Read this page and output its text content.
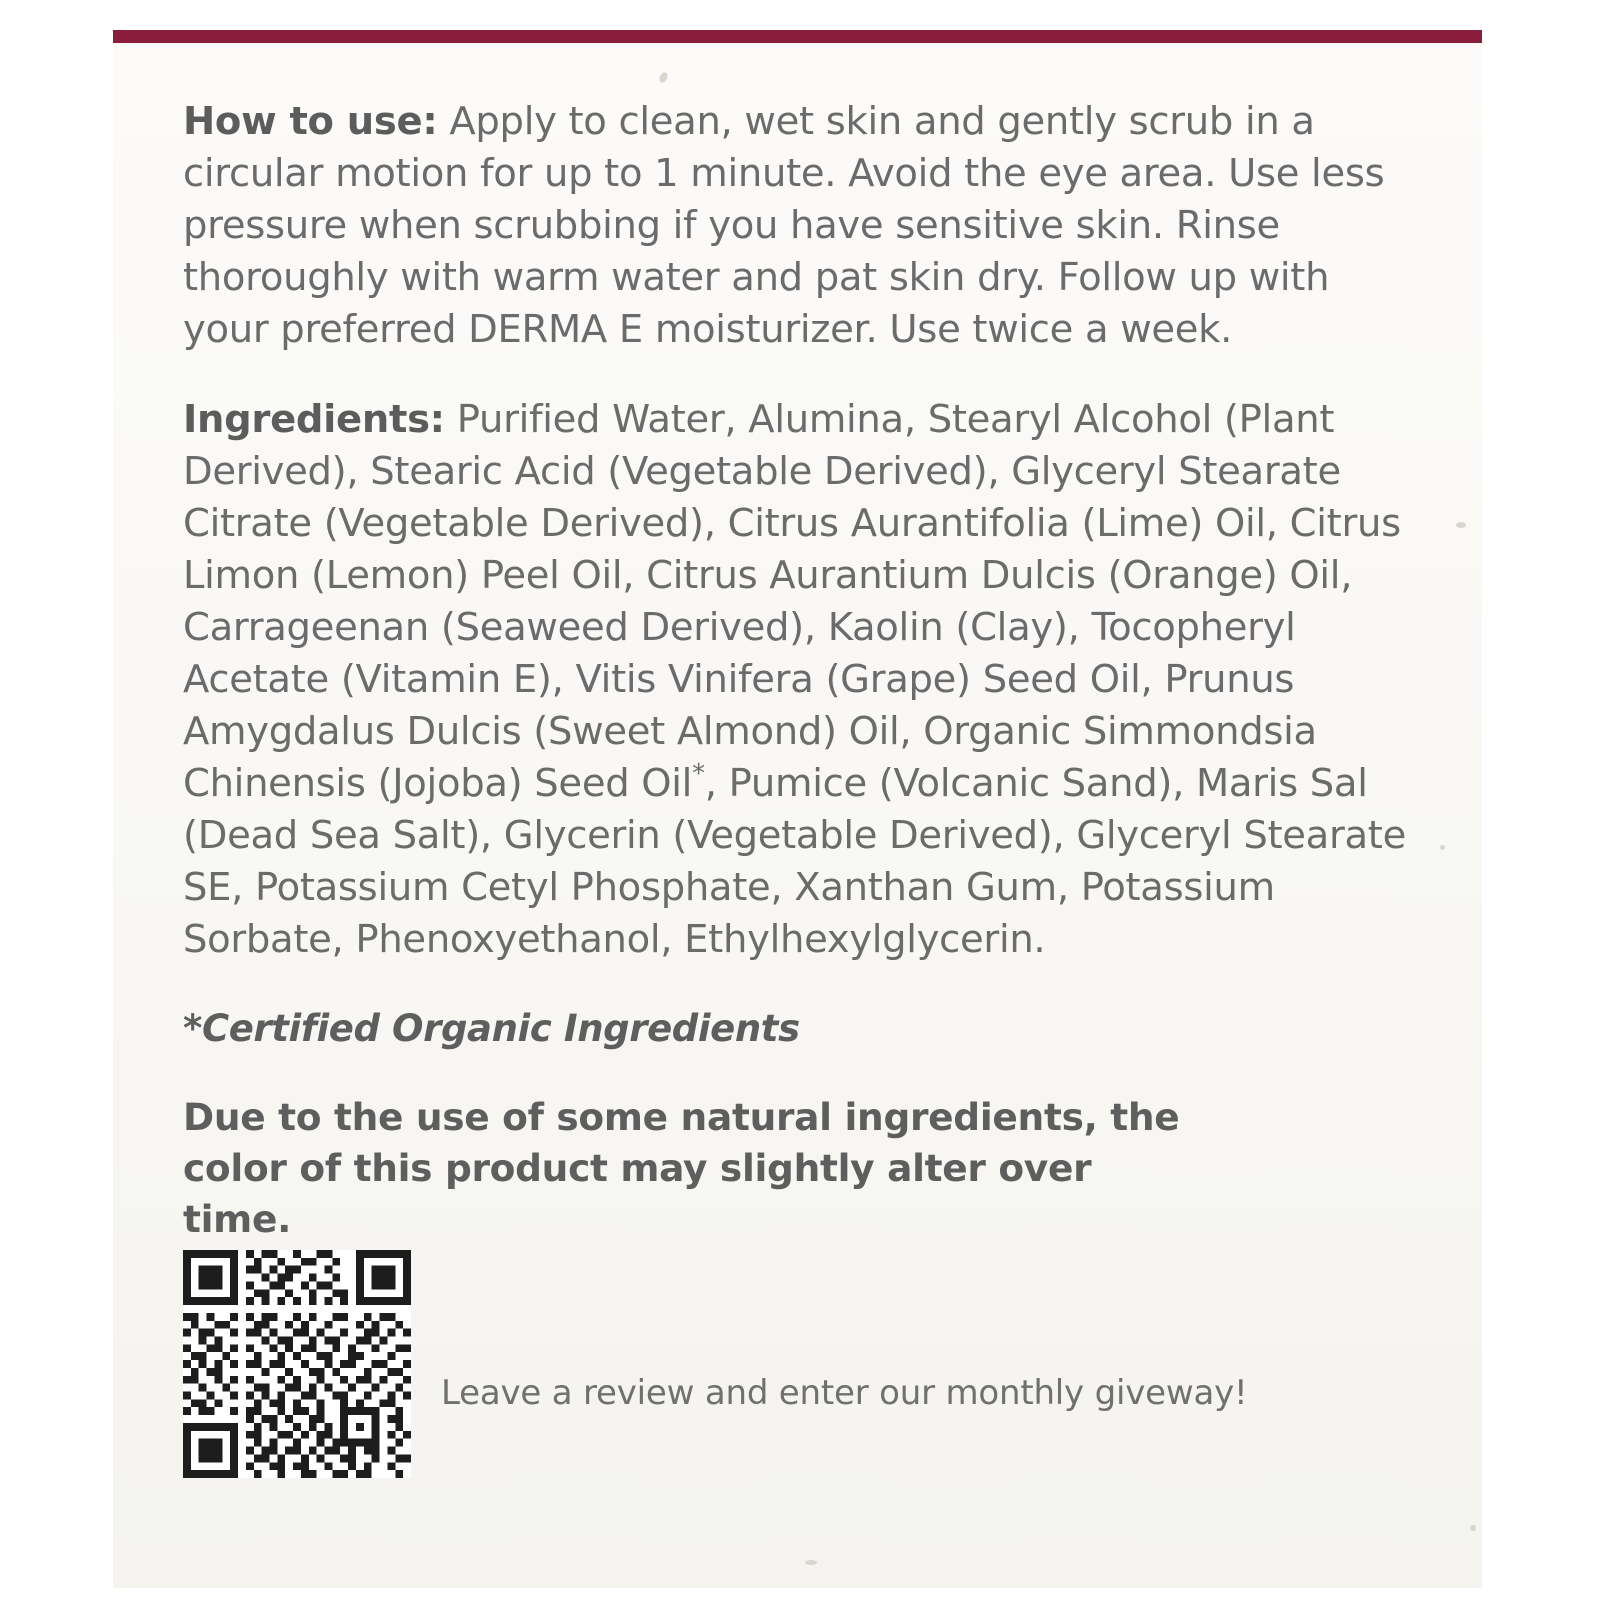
How to use: Apply to clean, wet skin and gently scrub in a circular motion for up to 1 minute. Avoid the eye area. Use less pressure when scrubbing if you have sensitive skin. Rinse thoroughly with warm water and pat skin dry. Follow up with your preferred DERMA E moisturizer. Use twice a week.

Ingredients: Purified Water, Alumina, Stearyl Alcohol (Plant Derived), Stearic Acid (Vegetable Derived), Glyceryl Stearate Citrate (Vegetable Derived), Citrus Aurantifolia (Lime) Oil, Citrus Limon (Lemon) Peel Oil, Citrus Aurantium Dulcis (Orange) Oil, Carrageenan (Seaweed Derived), Kaolin (Clay), Tocopheryl Acetate (Vitamin E), Vitis Vinifera (Grape) Seed Oil, Prunus Amygdalus Dulcis (Sweet Almond) Oil, Organic Simmondsia Chinensis (Jojoba) Seed Oil*, Pumice (Volcanic Sand), Maris Sal (Dead Sea Salt), Glycerin (Vegetable Derived), Glyceryl Stearate SE, Potassium Cetyl Phosphate, Xanthan Gum, Potassium Sorbate, Phenoxyethanol, Ethylhexylglycerin.

*Certified Organic Ingredients

Due to the use of some natural ingredients, the color of this product may slightly alter over time.

Leave a review and enter our monthly giveway!
